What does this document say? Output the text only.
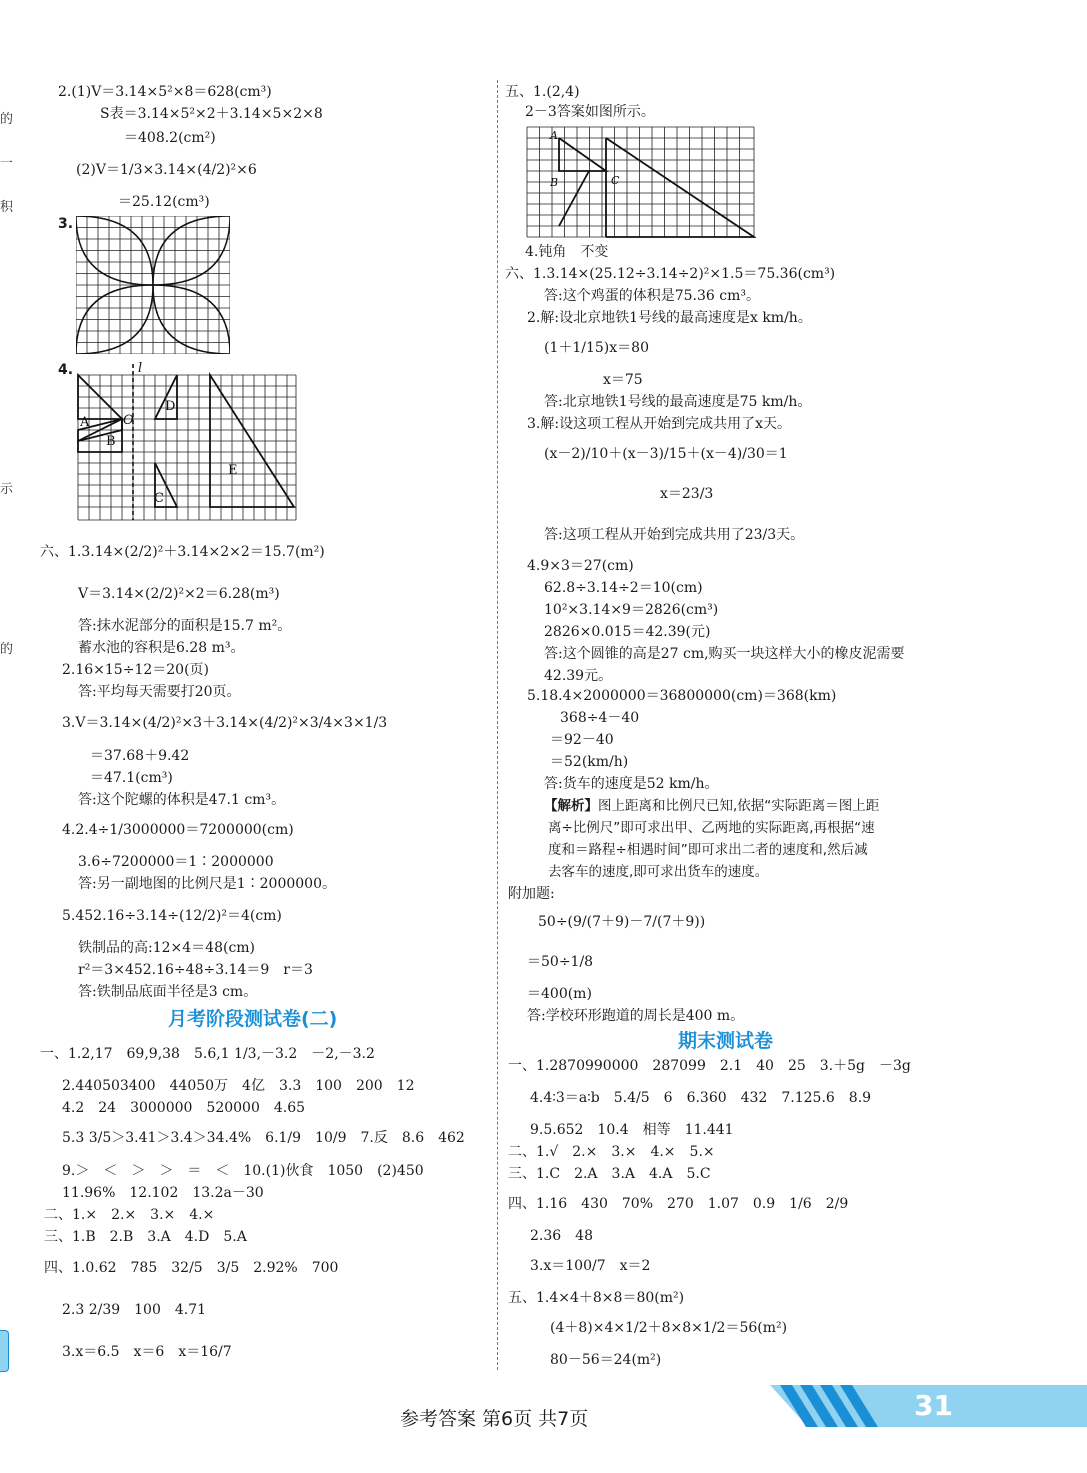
的
一
积
示
的
2.(1)V＝3.14×5²×8＝628(cm³)
S表＝3.14×5²×2＋3.14×5×2×8
＝408.2(cm²)
(2)V＝1/3×3.14×(4/2)²×6
＝25.12(cm³)
3.
4.	l
A	O
B
D
C
E
六、1.3.14×(2/2)²＋3.14×2×2＝15.7(m²)
V＝3.14×(2/2)²×2＝6.28(m³)
答:抹水泥部分的面积是15.7 m²。
蓄水池的容积是6.28 m³。
2.16×15÷12＝20(页)
答:平均每天需要打20页。
3.V＝3.14×(4/2)²×3＋3.14×(4/2)²×3/4×3×1/3
＝37.68＋9.42
＝47.1(cm³)
答:这个陀螺的体积是47.1 cm³。
4.2.4÷1/3000000＝7200000(cm)
3.6÷7200000＝1∶2000000
答:另一副地图的比例尺是1∶2000000。
5.452.16÷3.14÷(12/2)²＝4(cm)
铁制品的高:12×4＝48(cm)
r²＝3×452.16÷48÷3.14＝9　r＝3
答:铁制品底面半径是3 cm。
月考阶段测试卷(二)
一、1.2,17　69,9,38　5.6,1 1/3,－3.2　－2,－3.2
2.440503400　44050万　4亿　3.3　100　200　12
4.2　24　3000000　520000　4.65
5.3 3/5＞3.41＞3.4＞34.4%　6.1/9　10/9　7.反　8.6　462
9.＞　＜　＞　＞　＝　＜　10.(1)伙食　1050　(2)450
11.96%　12.102　13.2a－30
二、1.×　2.×　3.×　4.×
三、1.B　2.B　3.A　4.D　5.A
四、1.0.62　785　32/5　3/5　2.92%　700
2.3 2/39　100　4.71
3.x＝6.5　x＝6　x＝16/7
五、1.(2,4)
2－3答案如图所示。
A
B	C
4.钝角　不变
六、1.3.14×(25.12÷3.14÷2)²×1.5＝75.36(cm³)
答:这个鸡蛋的体积是75.36 cm³。
2.解:设北京地铁1号线的最高速度是x km/h。
(1＋1/15)x＝80
x＝75
答:北京地铁1号线的最高速度是75 km/h。
3.解:设这项工程从开始到完成共用了x天。
(x－2)/10＋(x－3)/15＋(x－4)/30＝1
x＝23/3
答:这项工程从开始到完成共用了23/3天。
4.9×3＝27(cm)
62.8÷3.14÷2＝10(cm)
10²×3.14×9＝2826(cm³)
2826×0.015＝42.39(元)
答:这个圆锥的高是27 cm,购买一块这样大小的橡皮泥需要
42.39元。
5.18.4×2000000＝36800000(cm)＝368(km)
368÷4－40
＝92－40
＝52(km/h)
答:货车的速度是52 km/h。
【解析】图上距离和比例尺已知,依据“实际距离＝图上距
离÷比例尺”即可求出甲、乙两地的实际距离,再根据“速
度和＝路程÷相遇时间”即可求出二者的速度和,然后减
去客车的速度,即可求出货车的速度。
附加题:
50÷(9/(7＋9)－7/(7＋9))
＝50÷1/8
＝400(m)
答:学校环形跑道的周长是400 m。
期末测试卷
一、1.2870990000　287099　2.1　40　25　3.＋5g　－3g
4.4∶3＝a∶b　5.4/5　6　6.360　432　7.125.6　8.9
9.5.652　10.4　相等　11.441
二、1.√　2.×　3.×　4.×　5.×
三、1.C　2.A　3.A　4.A　5.C
四、1.16　430　70%　270　1.07　0.9　1/6　2/9
2.36　48
3.x＝100/7　x＝2
五、1.4×4＋8×8＝80(m²)
(4＋8)×4×1/2＋8×8×1/2＝56(m²)
80－56＝24(m²)
参考答案 第6页 共7页	31
